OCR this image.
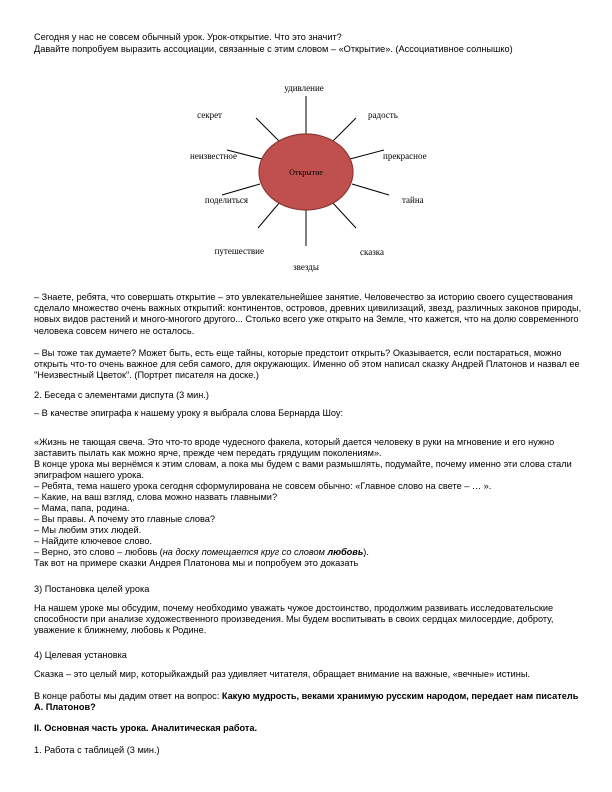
Сегодня у нас не совсем обычный урок. Урок-открытие. Что это значит?

Давайте попробуем выразить ассоциации, связанные с этим словом – «Открытие». (Ассоциативное солнышко)

Открытие
удивление
радость
прекрасное
тайна
сказка
звезды
путешествие
поделиться
неизвестное
секрет

– Знаете, ребята, что совершать открытие – это увлекательнейшее занятие. Человечество за историю своего существования сделало множество очень важных открытий: континентов, островов, древних цивилизаций, звезд, различных законов природы, новых видов растений и много-многого другого... Столько всего уже открыто на Земле, что кажется, что на долю современного человека совсем ничего не осталось.

– Вы тоже так думаете? Может быть, есть еще тайны, которые предстоит открыть? Оказывается, если постараться, можно открыть что-то очень важное для себя самого, для окружающих. Именно об этом написал сказку Андрей Платонов и назвал ее "Неизвестный Цветок". (Портрет писателя на доске.)

2. Беседа с элементами диспута (3 мин.)

– В качестве эпиграфа к нашему уроку я выбрала слова Бернарда Шоу:

«Жизнь не тающая свеча. Это что-то вроде чудесного факела, который дается человеку в руки на мгновение и его нужно заставить пылать как можно ярче, прежде чем передать грядущим поколениям».

В конце урока мы вернёмся к этим словам, а пока мы будем с вами размышлять, подумайте, почему именно эти слова стали эпиграфом нашего урока.

– Ребята, тема нашего урока сегодня сформулирована не совсем обычно: «Главное слово на свете – … ».

– Какие, на ваш взгляд, слова можно назвать главными?

– Мама, папа, родина.

– Вы правы. А почему это главные слова?

– Мы любим этих людей.

– Найдите ключевое слово.

– Верно, это слово – любовь (на доску помещается круг со словом любовь).

Так вот на примере сказки Андрея Платонова мы и попробуем это доказать

3) Постановка целей урока

На нашем уроке мы обсудим, почему необходимо уважать чужое достоинство, продолжим развивать исследовательские способности при анализе художественного произведения. Мы будем воспитывать в своих сердцах милосердие, доброту, уважение к ближнему, любовь к Родине.

4) Целевая установка

Сказка – это целый мир, которыйкаждый раз удивляет читателя, обращает внимание на важные, «вечные» истины.

В конце работы мы дадим ответ на вопрос: Какую мудрость, веками хранимую русским народом, передает нам писатель А. Платонов?

II. Основная часть урока. Аналитическая работа.

1. Работа с таблицей (3 мин.)
